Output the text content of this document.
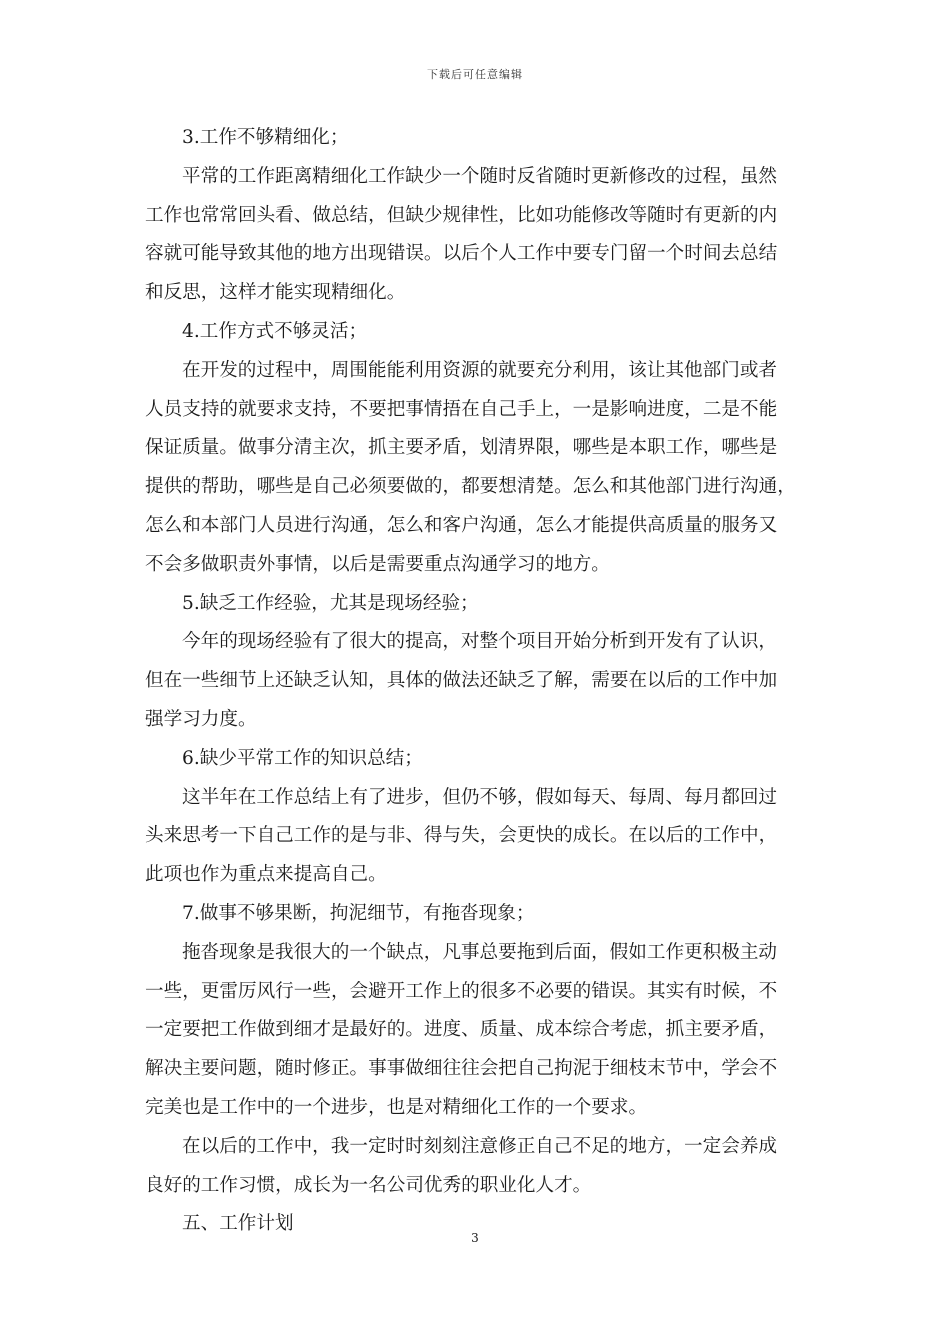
下载后可任意编辑
3.工作不够精细化；
平常的工作距离精细化工作缺少一个随时反省随时更新修改的过程，虽然
工作也常常回头看、做总结，但缺少规律性，比如功能修改等随时有更新的内
容就可能导致其他的地方出现错误。以后个人工作中要专门留一个时间去总结
和反思，这样才能实现精细化。
4.工作方式不够灵活；
在开发的过程中，周围能能利用资源的就要充分利用，该让其他部门或者
人员支持的就要求支持，不要把事情捂在自己手上，一是影响进度，二是不能
保证质量。做事分清主次，抓主要矛盾，划清界限，哪些是本职工作，哪些是
提供的帮助，哪些是自己必须要做的，都要想清楚。怎么和其他部门进行沟通，
怎么和本部门人员进行沟通，怎么和客户沟通，怎么才能提供高质量的服务又
不会多做职责外事情，以后是需要重点沟通学习的地方。
5.缺乏工作经验，尤其是现场经验；
今年的现场经验有了很大的提高，对整个项目开始分析到开发有了认识，
但在一些细节上还缺乏认知，具体的做法还缺乏了解，需要在以后的工作中加
强学习力度。
6.缺少平常工作的知识总结；
这半年在工作总结上有了进步，但仍不够，假如每天、每周、每月都回过
头来思考一下自己工作的是与非、得与失，会更快的成长。在以后的工作中，
此项也作为重点来提高自己。
7.做事不够果断，拘泥细节，有拖沓现象；
拖沓现象是我很大的一个缺点，凡事总要拖到后面，假如工作更积极主动
一些，更雷厉风行一些，会避开工作上的很多不必要的错误。其实有时候，不
一定要把工作做到细才是最好的。进度、质量、成本综合考虑，抓主要矛盾，
解决主要问题，随时修正。事事做细往往会把自己拘泥于细枝末节中，学会不
完美也是工作中的一个进步，也是对精细化工作的一个要求。
在以后的工作中，我一定时时刻刻注意修正自己不足的地方，一定会养成
良好的工作习惯，成长为一名公司优秀的职业化人才。
五、工作计划
3
